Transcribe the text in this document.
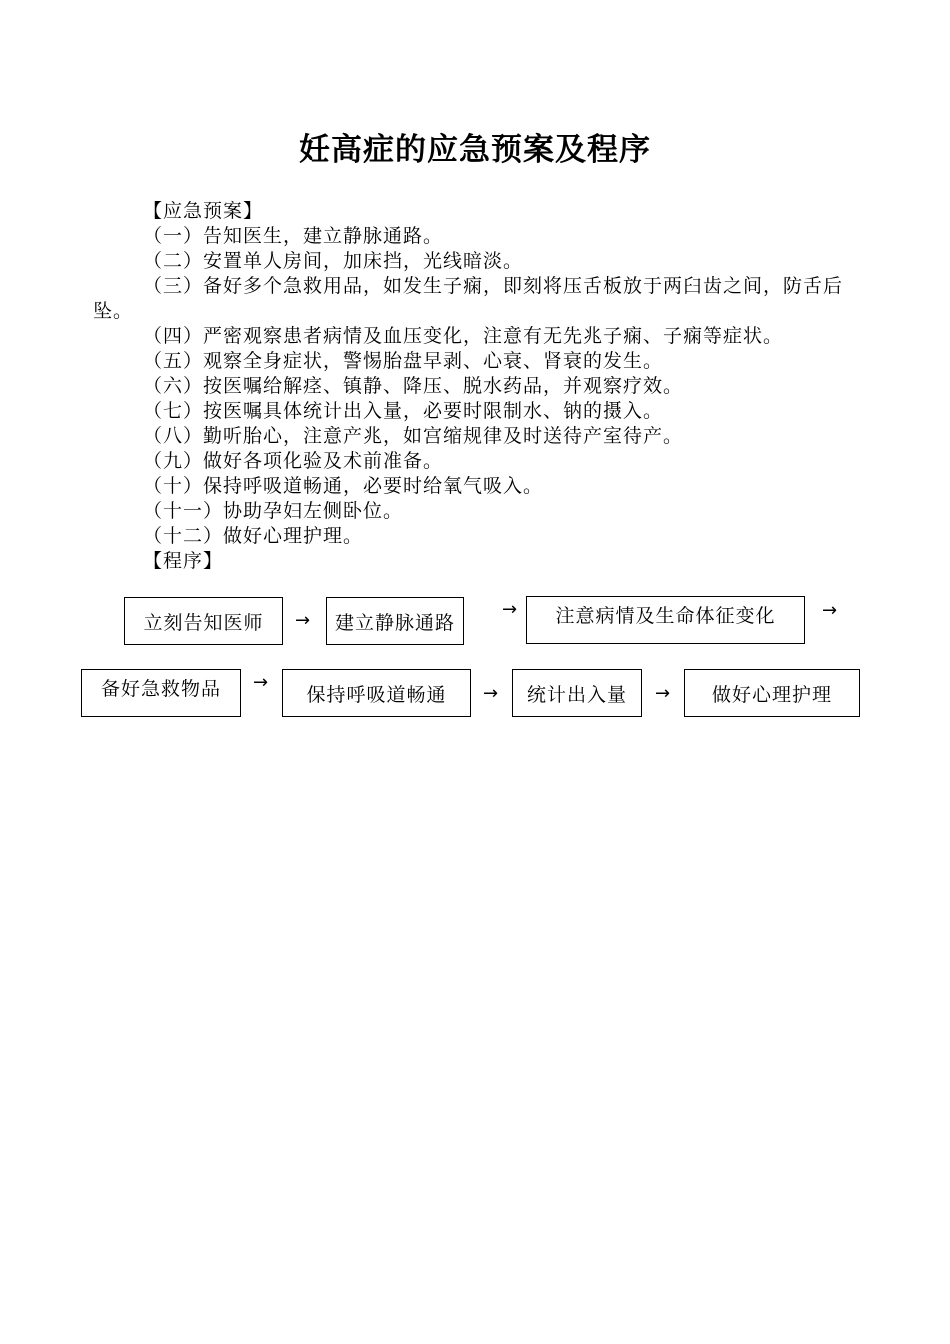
妊高症的应急预案及程序

【应急预案】

（一）告知医生，建立静脉通路。

（二）安置单人房间，加床挡，光线暗淡。

（三）备好多个急救用品，如发生子痫，即刻将压舌板放于两臼齿之间，防舌后坠。

（四）严密观察患者病情及血压变化，注意有无先兆子痫、子痫等症状。

（五）观察全身症状，警惕胎盘早剥、心衰、肾衰的发生。

（六）按医嘱给解痉、镇静、降压、脱水药品，并观察疗效。

（七）按医嘱具体统计出入量，必要时限制水、钠的摄入。

（八）勤听胎心，注意产兆，如宫缩规律及时送待产室待产。

（九）做好各项化验及术前准备。

（十）保持呼吸道畅通，必要时给氧气吸入。

（十一）协助孕妇左侧卧位。

（十二）做好心理护理。

【程序】

立刻告知医师	→	建立静脉通路
→	注意病情及生命体征变化	→
备好急救物品	→
保持呼吸道畅通	→	统计出入量	→	做好心理护理
